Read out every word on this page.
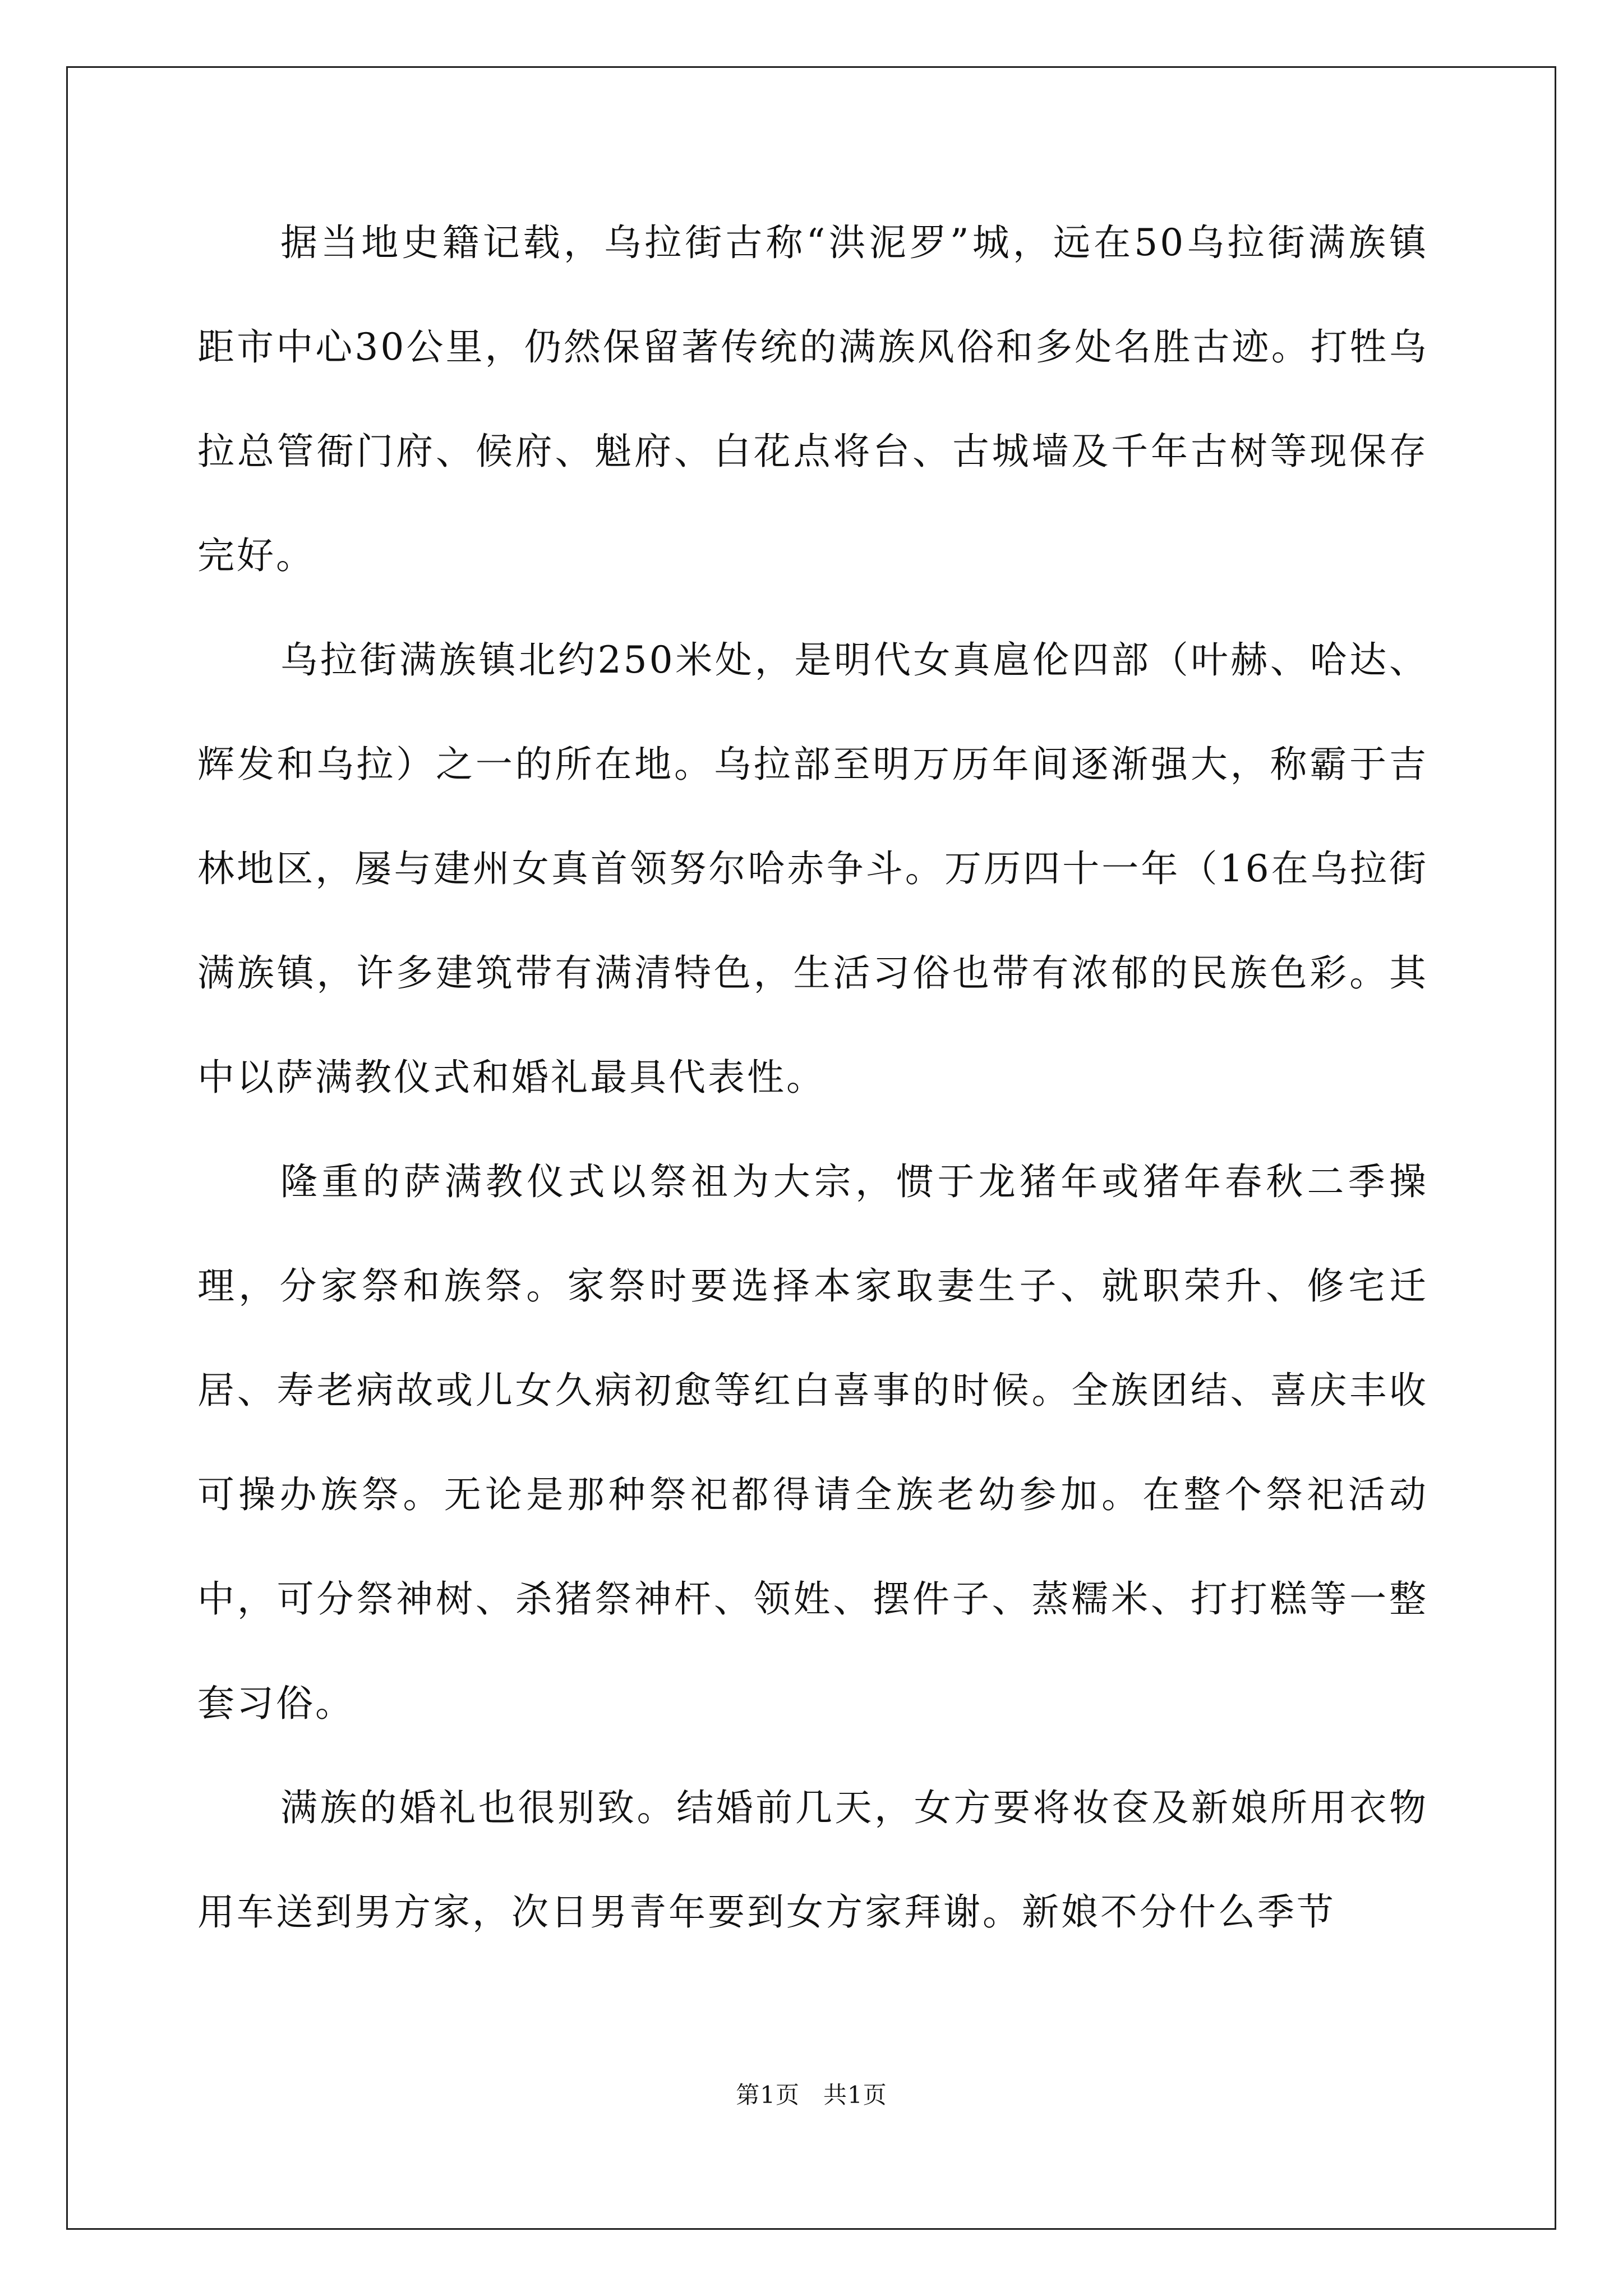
据当地史籍记载，乌拉街古称“洪泥罗”城，远在50乌拉街满族镇距市中心30公里，仍然保留著传统的满族风俗和多处名胜古迹。打牲乌拉总管衙门府、候府、魁府、白花点将台、古城墙及千年古树等现保存完好。

乌拉街满族镇北约250米处，是明代女真扈伦四部（叶赫、哈达、辉发和乌拉）之一的所在地。乌拉部至明万历年间逐渐强大，称霸于吉林地区，屡与建州女真首领努尔哈赤争斗。万历四十一年（16在乌拉街满族镇，许多建筑带有满清特色，生活习俗也带有浓郁的民族色彩。其中以萨满教仪式和婚礼最具代表性。

隆重的萨满教仪式以祭祖为大宗，惯于龙猪年或猪年春秋二季操理，分家祭和族祭。家祭时要选择本家取妻生子、就职荣升、修宅迁居、寿老病故或儿女久病初愈等红白喜事的时候。全族团结、喜庆丰收可操办族祭。无论是那种祭祀都得请全族老幼参加。在整个祭祀活动中，可分祭神树、杀猪祭神杆、领姓、摆件子、蒸糯米、打打糕等一整套习俗。

满族的婚礼也很别致。结婚前几天，女方要将妆奁及新娘所用衣物用车送到男方家，次日男青年要到女方家拜谢。新娘不分什么季节

第1页 共1页
